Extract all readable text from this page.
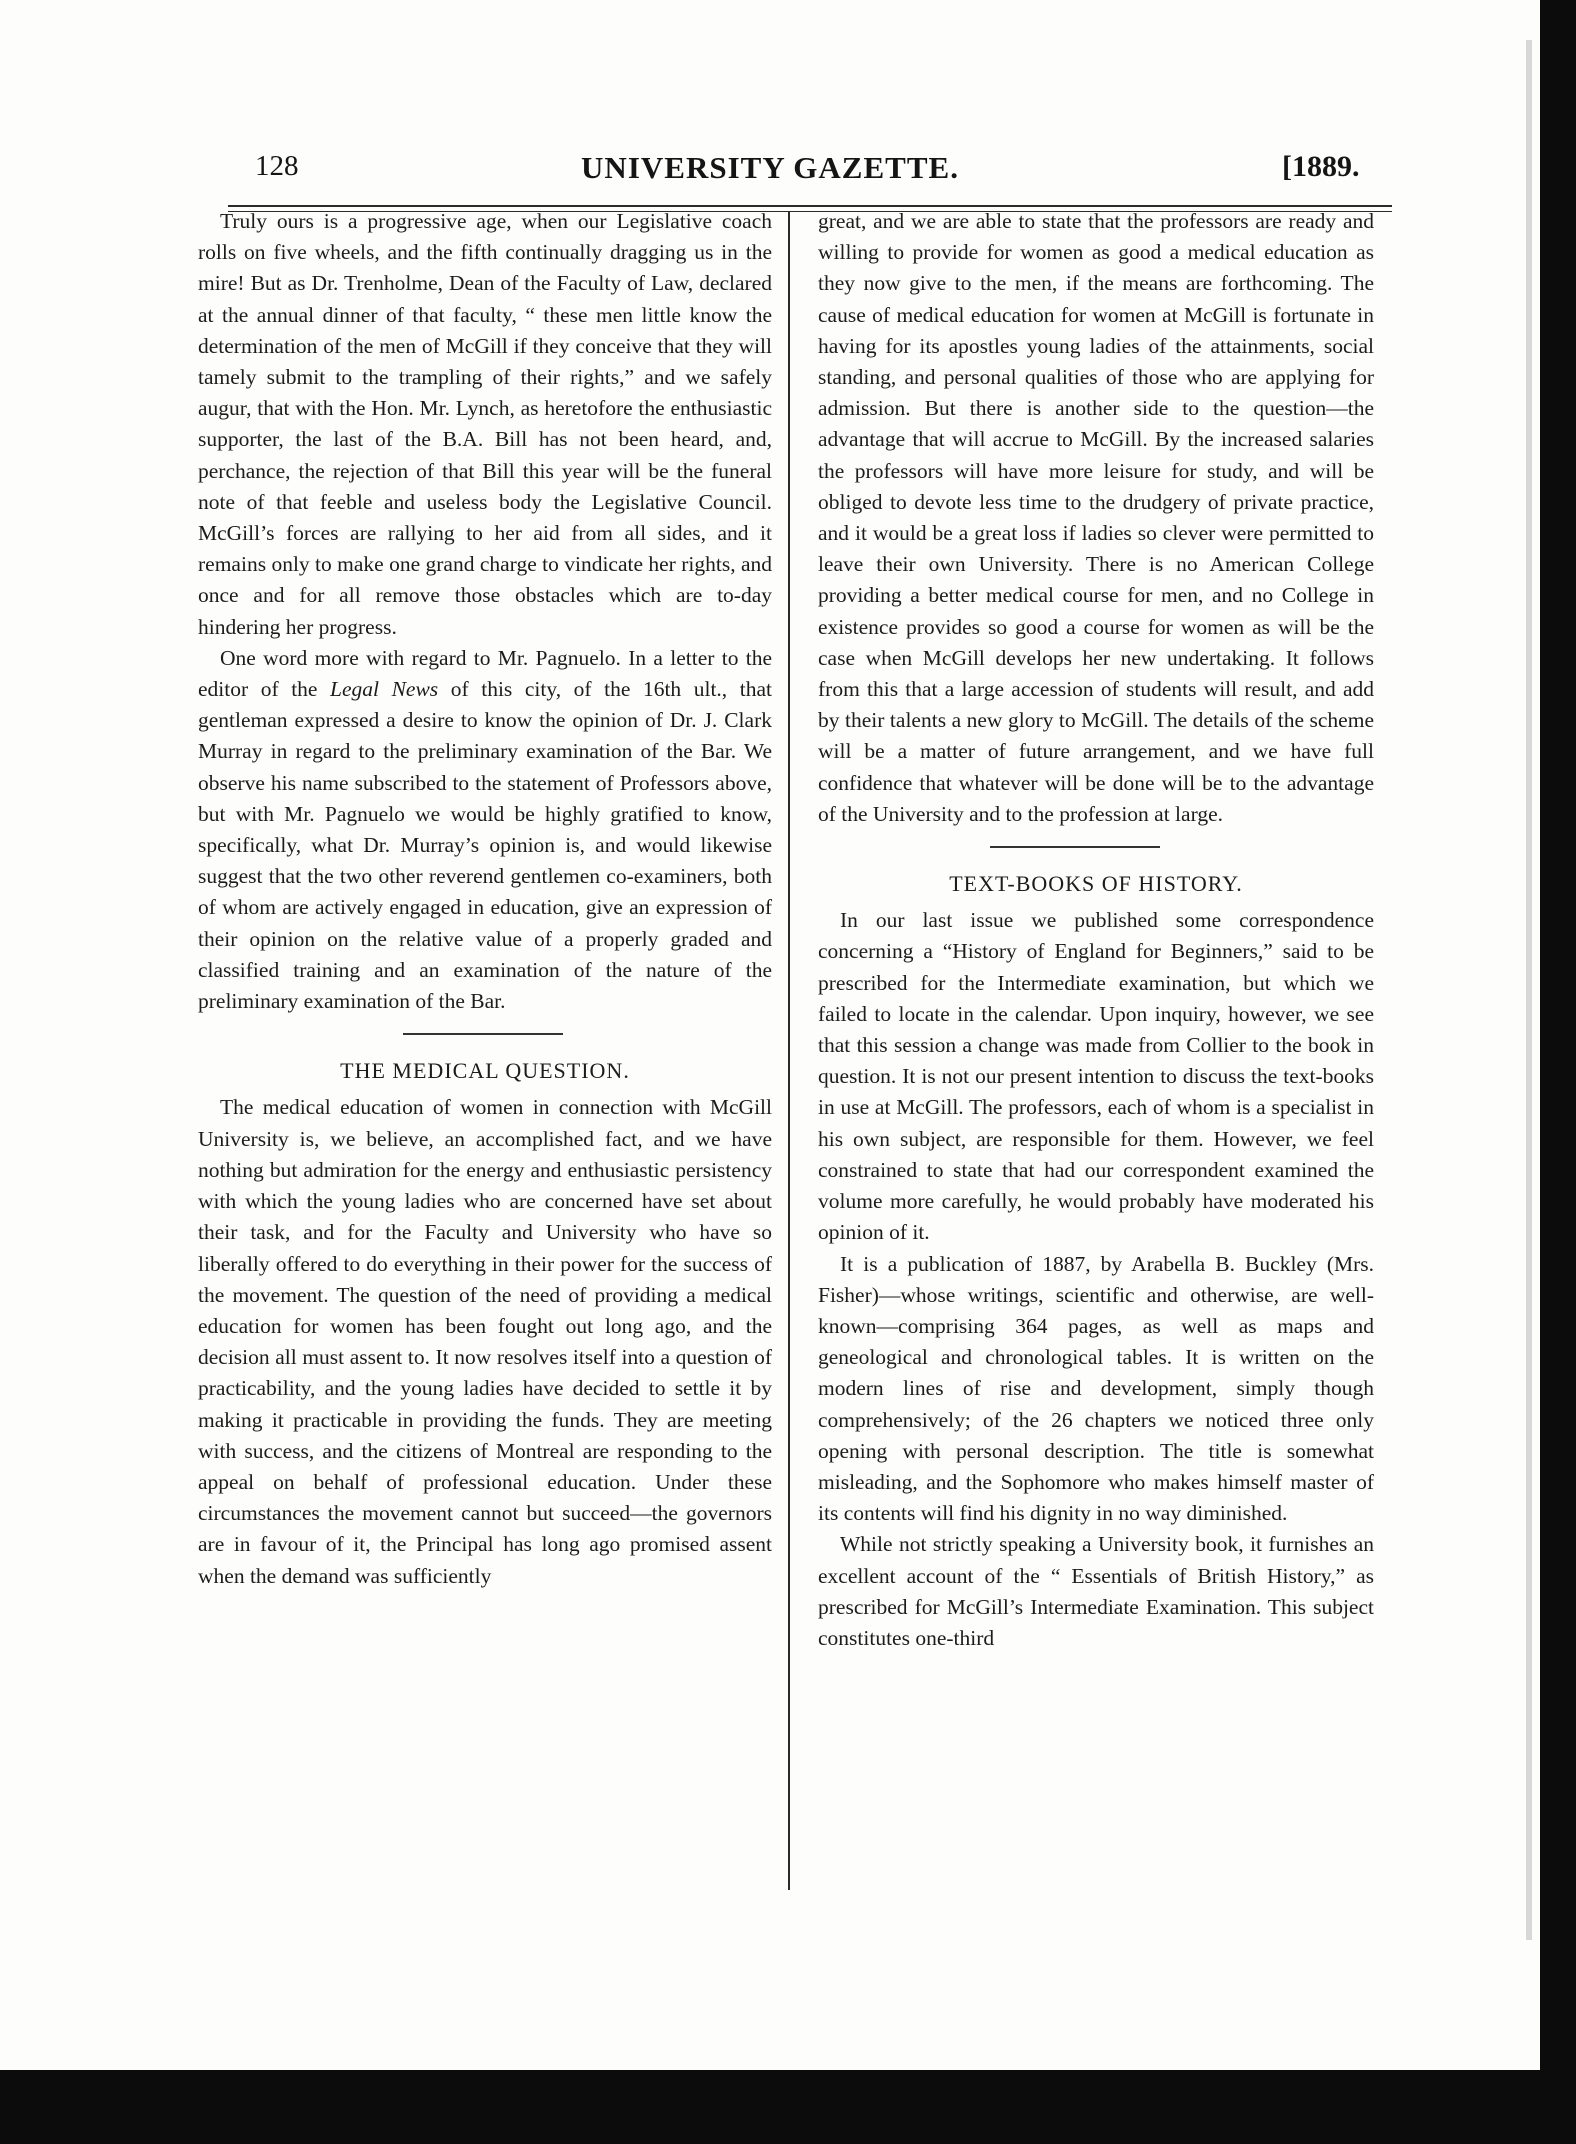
128	UNIVERSITY GAZETTE.	[1889.

Truly ours is a progressive age, when our Legislative coach rolls on five wheels, and the fifth continually dragging us in the mire! But as Dr. Trenholme, Dean of the Faculty of Law, declared at the annual dinner of that faculty, “ these men little know the determination of the men of McGill if they conceive that they will tamely submit to the trampling of their rights,” and we safely augur, that with the Hon. Mr. Lynch, as heretofore the enthusiastic supporter, the last of the B.A. Bill has not been heard, and, perchance, the rejection of that Bill this year will be the funeral note of that feeble and useless body the Legislative Council. McGill’s forces are rallying to her aid from all sides, and it remains only to make one grand charge to vindicate her rights, and once and for all remove those obstacles which are to-day hindering her progress.

One word more with regard to Mr. Pagnuelo. In a letter to the editor of the Legal News of this city, of the 16th ult., that gentleman expressed a desire to know the opinion of Dr. J. Clark Murray in regard to the preliminary examination of the Bar. We observe his name subscribed to the statement of Professors above, but with Mr. Pagnuelo we would be highly gratified to know, specifically, what Dr. Murray’s opinion is, and would likewise suggest that the two other reverend gentlemen co-examiners, both of whom are actively engaged in education, give an expression of their opinion on the relative value of a properly graded and classified training and an examination of the nature of the preliminary examination of the Bar.

THE MEDICAL QUESTION.

The medical education of women in connection with McGill University is, we believe, an accomplished fact, and we have nothing but admiration for the energy and enthusiastic persistency with which the young ladies who are concerned have set about their task, and for the Faculty and University who have so liberally offered to do everything in their power for the success of the movement. The question of the need of providing a medical education for women has been fought out long ago, and the decision all must assent to. It now resolves itself into a question of practicability, and the young ladies have decided to settle it by making it practicable in providing the funds. They are meeting with success, and the citizens of Montreal are responding to the appeal on behalf of professional education. Under these circumstances the movement cannot but succeed—the governors are in favour of it, the Principal has long ago promised assent when the demand was sufficiently

great, and we are able to state that the professors are ready and willing to provide for women as good a medical education as they now give to the men, if the means are forthcoming. The cause of medical education for women at McGill is fortunate in having for its apostles young ladies of the attainments, social standing, and personal qualities of those who are applying for admission. But there is another side to the question—the advantage that will accrue to McGill. By the increased salaries the professors will have more leisure for study, and will be obliged to devote less time to the drudgery of private practice, and it would be a great loss if ladies so clever were permitted to leave their own University. There is no American College providing a better medical course for men, and no College in existence provides so good a course for women as will be the case when McGill develops her new undertaking. It follows from this that a large accession of students will result, and add by their talents a new glory to McGill. The details of the scheme will be a matter of future arrangement, and we have full confidence that whatever will be done will be to the advantage of the University and to the profession at large.

TEXT-BOOKS OF HISTORY.

In our last issue we published some correspondence concerning a “History of England for Beginners,” said to be prescribed for the Intermediate examination, but which we failed to locate in the calendar. Upon inquiry, however, we see that this session a change was made from Collier to the book in question. It is not our present intention to discuss the text-books in use at McGill. The professors, each of whom is a specialist in his own subject, are responsible for them. However, we feel constrained to state that had our correspondent examined the volume more carefully, he would probably have moderated his opinion of it.

It is a publication of 1887, by Arabella B. Buckley (Mrs. Fisher)—whose writings, scientific and otherwise, are well-known—comprising 364 pages, as well as maps and geneological and chronological tables. It is written on the modern lines of rise and development, simply though comprehensively; of the 26 chapters we noticed three only opening with personal description. The title is somewhat misleading, and the Sophomore who makes himself master of its contents will find his dignity in no way diminished.

While not strictly speaking a University book, it furnishes an excellent account of the “ Essentials of British History,” as prescribed for McGill’s Intermediate Examination. This subject constitutes one-third
